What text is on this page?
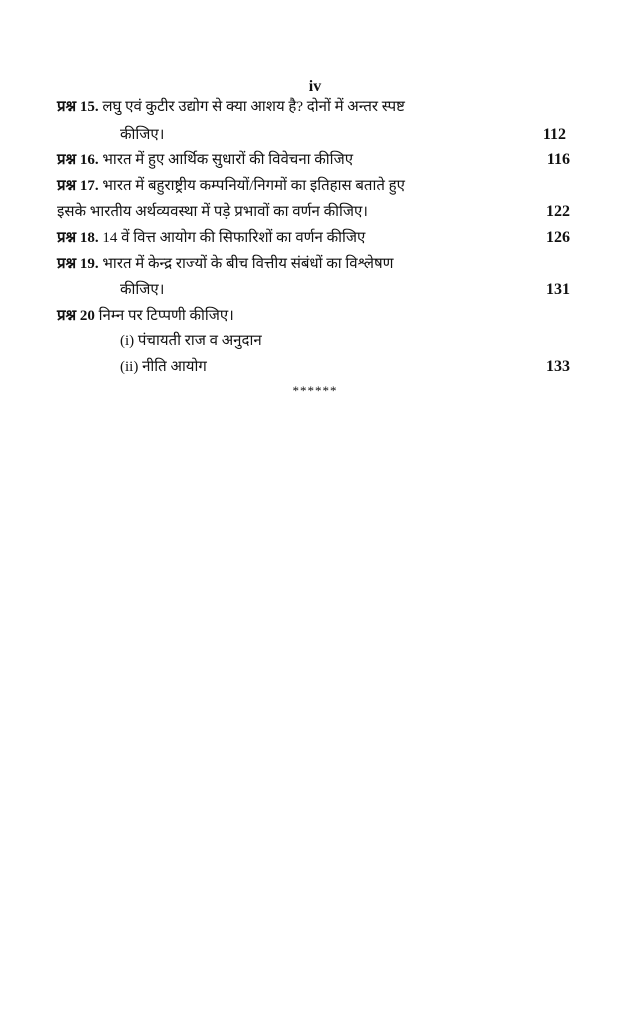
iv
प्रश्न 15. लघु एवं कुटीर उद्योग से क्या आशय है? दोनों में अन्तर स्पष्ट
कीजिए।	112
प्रश्न 16. भारत में हुए आर्थिक सुधारों की विवेचना कीजिए	116
प्रश्न 17. भारत में बहुराष्ट्रीय कम्पनियों/निगमों का इतिहास बताते हुए
इसके भारतीय अर्थव्यवस्था में पड़े प्रभावों का वर्णन कीजिए।	122
प्रश्न 18. 14 वें वित्त आयोग की सिफारिशों का वर्णन कीजिए	126
प्रश्न 19. भारत में केन्द्र राज्यों के बीच वित्तीय संबंधों का विश्लेषण
कीजिए।	131
प्रश्न 20 निम्न पर टिप्पणी कीजिए।
(i) पंचायती राज व अनुदान
(ii) नीति आयोग	133
******
